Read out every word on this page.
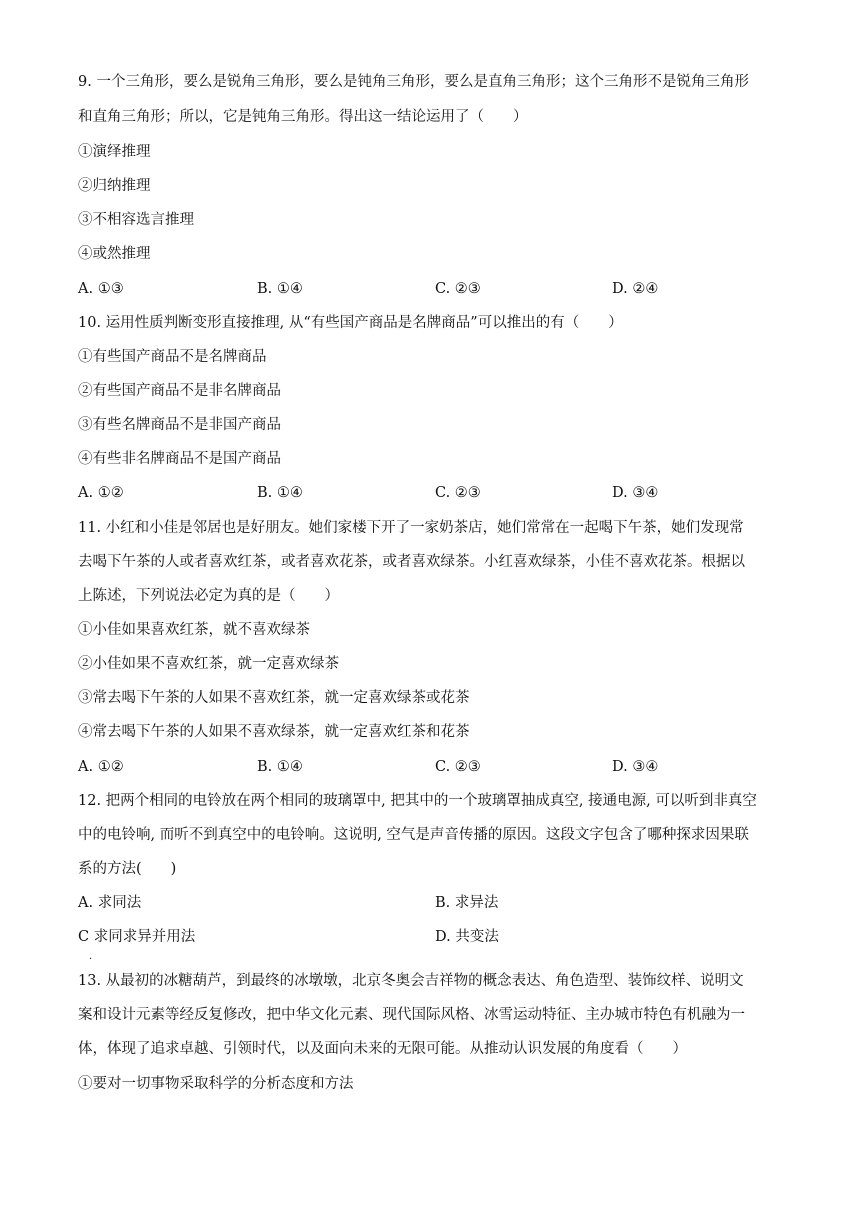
9. 一个三角形，要么是锐角三角形，要么是钝角三角形，要么是直角三角形；这个三角形不是锐角三角形
和直角三角形；所以，它是钝角三角形。得出这一结论运用了（　　）
①演绎推理
②归纳推理
③不相容选言推理
④或然推理
A. ①③	B. ①④	C. ②③	D. ②④
10. 运用性质判断变形直接推理, 从“有些国产商品是名牌商品”可以推出的有（　　）
①有些国产商品不是名牌商品
②有些国产商品不是非名牌商品
③有些名牌商品不是非国产商品
④有些非名牌商品不是国产商品
A. ①②	B. ①④	C. ②③	D. ③④
11. 小红和小佳是邻居也是好朋友。她们家楼下开了一家奶茶店，她们常常在一起喝下午茶，她们发现常
去喝下午茶的人或者喜欢红茶，或者喜欢花茶，或者喜欢绿茶。小红喜欢绿茶，小佳不喜欢花茶。根据以
上陈述，下列说法必定为真的是（　　）
①小佳如果喜欢红茶，就不喜欢绿茶
②小佳如果不喜欢红茶，就一定喜欢绿茶
③常去喝下午茶的人如果不喜欢红茶，就一定喜欢绿茶或花茶
④常去喝下午茶的人如果不喜欢绿茶，就一定喜欢红茶和花茶
A. ①②	B. ①④	C. ②③	D. ③④
12. 把两个相同的电铃放在两个相同的玻璃罩中, 把其中的一个玻璃罩抽成真空, 接通电源, 可以听到非真空
中的电铃响, 而听不到真空中的电铃响。这说明, 空气是声音传播的原因。这段文字包含了哪种探求因果联
系的方法(　　)
A. 求同法	B. 求异法
C 求同求异并用法	D. 共变法
.
13. 从最初的冰糖葫芦，到最终的冰墩墩，北京冬奥会吉祥物的概念表达、角色造型、装饰纹样、说明文
案和设计元素等经反复修改，把中华文化元素、现代国际风格、冰雪运动特征、主办城市特色有机融为一
体，体现了追求卓越、引领时代，以及面向未来的无限可能。从推动认识发展的角度看（　　）
①要对一切事物采取科学的分析态度和方法
